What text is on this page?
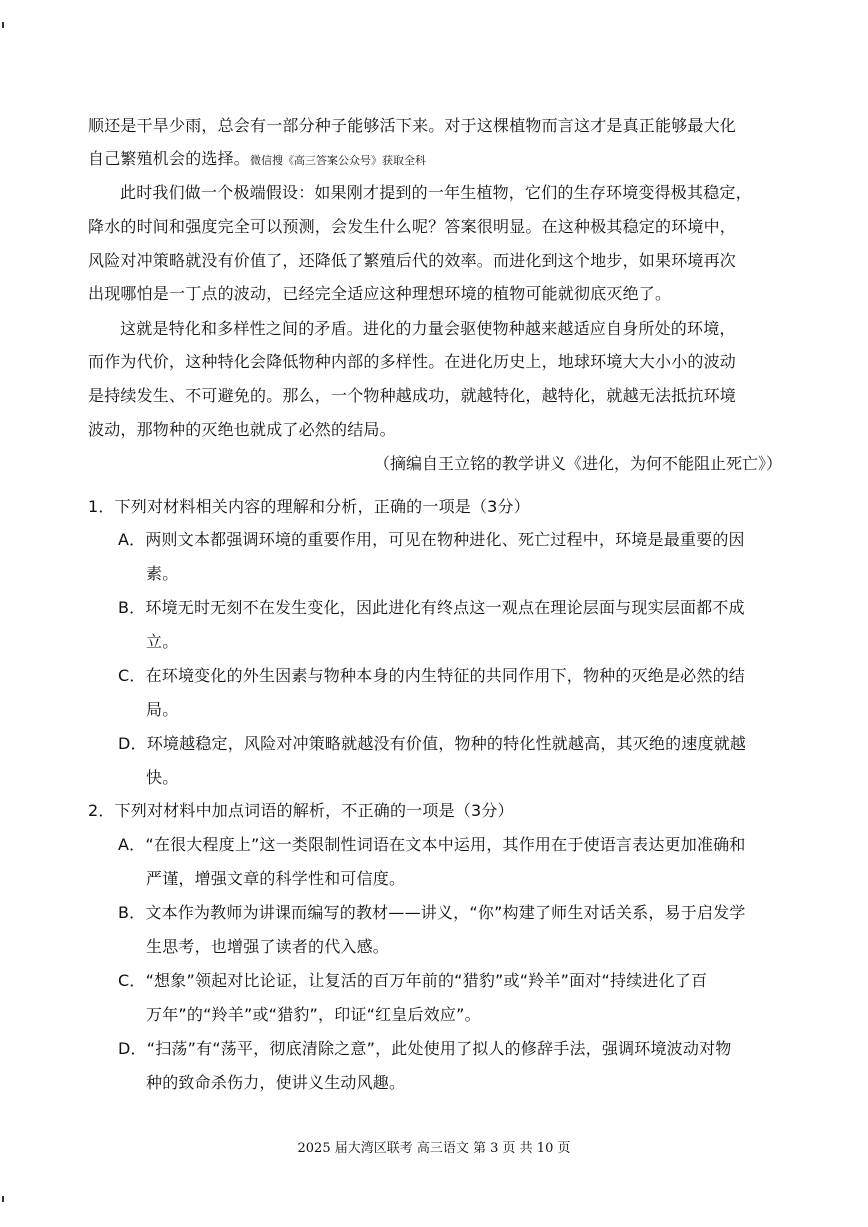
顺还是干旱少雨，总会有一部分种子能够活下来。对于这棵植物而言这才是真正能够最大化
自己繁殖机会的选择。微信搜《高三答案公众号》获取全科
此时我们做一个极端假设：如果刚才提到的一年生植物，它们的生存环境变得极其稳定，
降水的时间和强度完全可以预测，会发生什么呢？答案很明显。在这种极其稳定的环境中，
风险对冲策略就没有价值了，还降低了繁殖后代的效率。而进化到这个地步，如果环境再次
出现哪怕是一丁点的波动，已经完全适应这种理想环境的植物可能就彻底灭绝了。
这就是特化和多样性之间的矛盾。进化的力量会驱使物种越来越适应自身所处的环境，
而作为代价，这种特化会降低物种内部的多样性。在进化历史上，地球环境大大小小的波动
是持续发生、不可避免的。那么，一个物种越成功，就越特化，越特化，就越无法抵抗环境
波动，那物种的灭绝也就成了必然的结局。
（摘编自王立铭的教学讲义《进化，为何不能阻止死亡》）
1．下列对材料相关内容的理解和分析，正确的一项是（3分）
A．两则文本都强调环境的重要作用，可见在物种进化、死亡过程中，环境是最重要的因
素。
B．环境无时无刻不在发生变化，因此进化有终点这一观点在理论层面与现实层面都不成
立。
C．在环境变化的外生因素与物种本身的内生特征的共同作用下，物种的灭绝是必然的结
局。
D．环境越稳定，风险对冲策略就越没有价值，物种的特化性就越高，其灭绝的速度就越
快。
2．下列对材料中加点词语的解析，不正确的一项是（3分）
A．“在很大程度上”这一类限制性词语在文本中运用，其作用在于使语言表达更加准确和
严谨，增强文章的科学性和可信度。
B．文本作为教师为讲课而编写的教材——讲义，“你”构建了师生对话关系，易于启发学
生思考，也增强了读者的代入感。
C．“想象”领起对比论证，让复活的百万年前的“猎豹”或“羚羊”面对“持续进化了百
万年”的“羚羊”或“猎豹”，印证“红皇后效应”。
D．“扫荡”有“荡平，彻底清除之意”，此处使用了拟人的修辞手法，强调环境波动对物
种的致命杀伤力，使讲义生动风趣。
2025 届大湾区联考 高三语文 第 3 页 共 10 页
